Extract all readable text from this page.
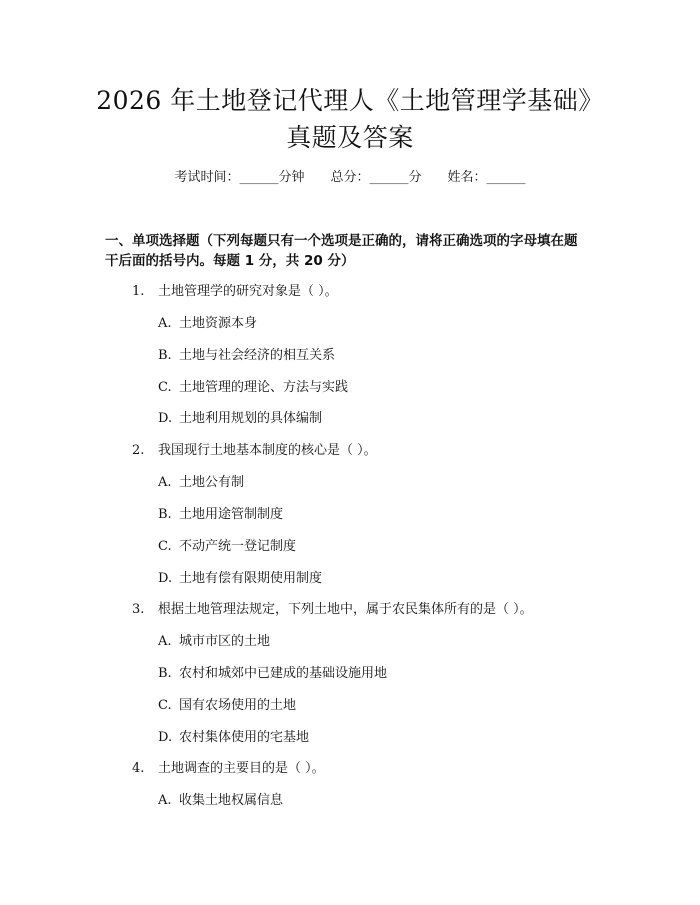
2026 年土地登记代理人《土地管理学基础》
真题及答案
考试时间：______分钟 总分：______分 姓名：______
一、单项选择题（下列每题只有一个选项是正确的，请将正确选项的字母填在题
干后面的括号内。每题 1 分，共 20 分）
1. 土地管理学的研究对象是（ ）。
A. 土地资源本身
B. 土地与社会经济的相互关系
C. 土地管理的理论、方法与实践
D. 土地利用规划的具体编制
2. 我国现行土地基本制度的核心是（ ）。
A. 土地公有制
B. 土地用途管制制度
C. 不动产统一登记制度
D. 土地有偿有限期使用制度
3. 根据土地管理法规定，下列土地中，属于农民集体所有的是（ ）。
A. 城市市区的土地
B. 农村和城郊中已建成的基础设施用地
C. 国有农场使用的土地
D. 农村集体使用的宅基地
4. 土地调查的主要目的是（ ）。
A. 收集土地权属信息
